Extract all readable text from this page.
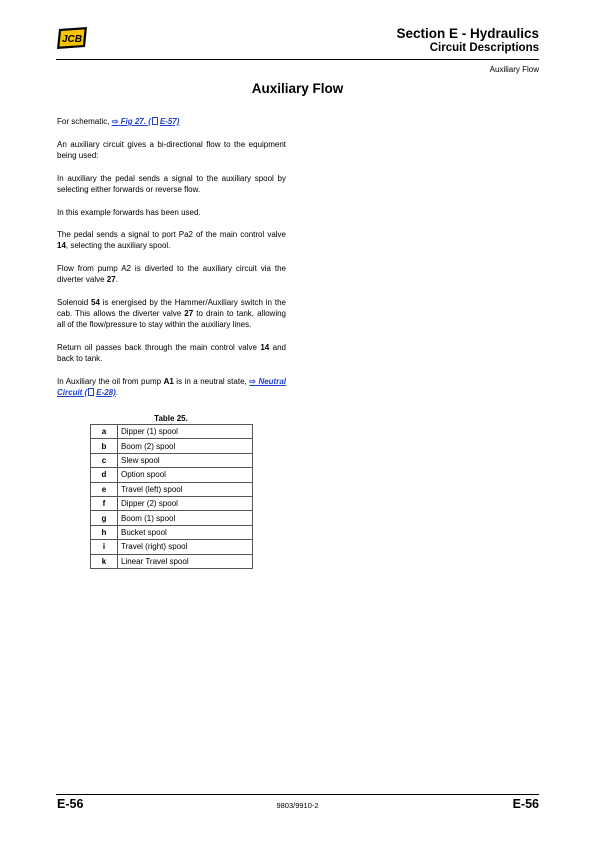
JCB	Section E - Hydraulics
Circuit Descriptions
Auxiliary Flow
Auxiliary Flow

For schematic, ⇨ Fig 27. ( E-57)

An auxiliary circuit gives a bi-directional flow to the equipment being used:

In auxiliary the pedal sends a signal to the auxiliary spool by selecting either forwards or reverse flow.

In this example forwards has been used.

The pedal sends a signal to port Pa2 of the main control valve 14, selecting the auxiliary spool.

Flow from pump A2 is diverted to the auxiliary circuit via the diverter valve 27.

Solenoid 54 is energised by the Hammer/Auxiliary switch in the cab. This allows the diverter valve 27 to drain to tank, allowing all of the flow/pressure to stay within the auxiliary lines.

Return oil passes back through the main control valve 14 and back to tank.

In Auxiliary the oil from pump A1 is in a neutral state, ⇨ Neutral Circuit ( E-28).

Table 25.
a	Dipper (1) spool
b	Boom (2) spool
c	Slew spool
d	Option spool
e	Travel (left) spool
f	Dipper (2) spool
g	Boom (1) spool
h	Bucket spool
i	Travel (right) spool
k	Linear Travel spool
E-56	9803/9910-2	E-56
